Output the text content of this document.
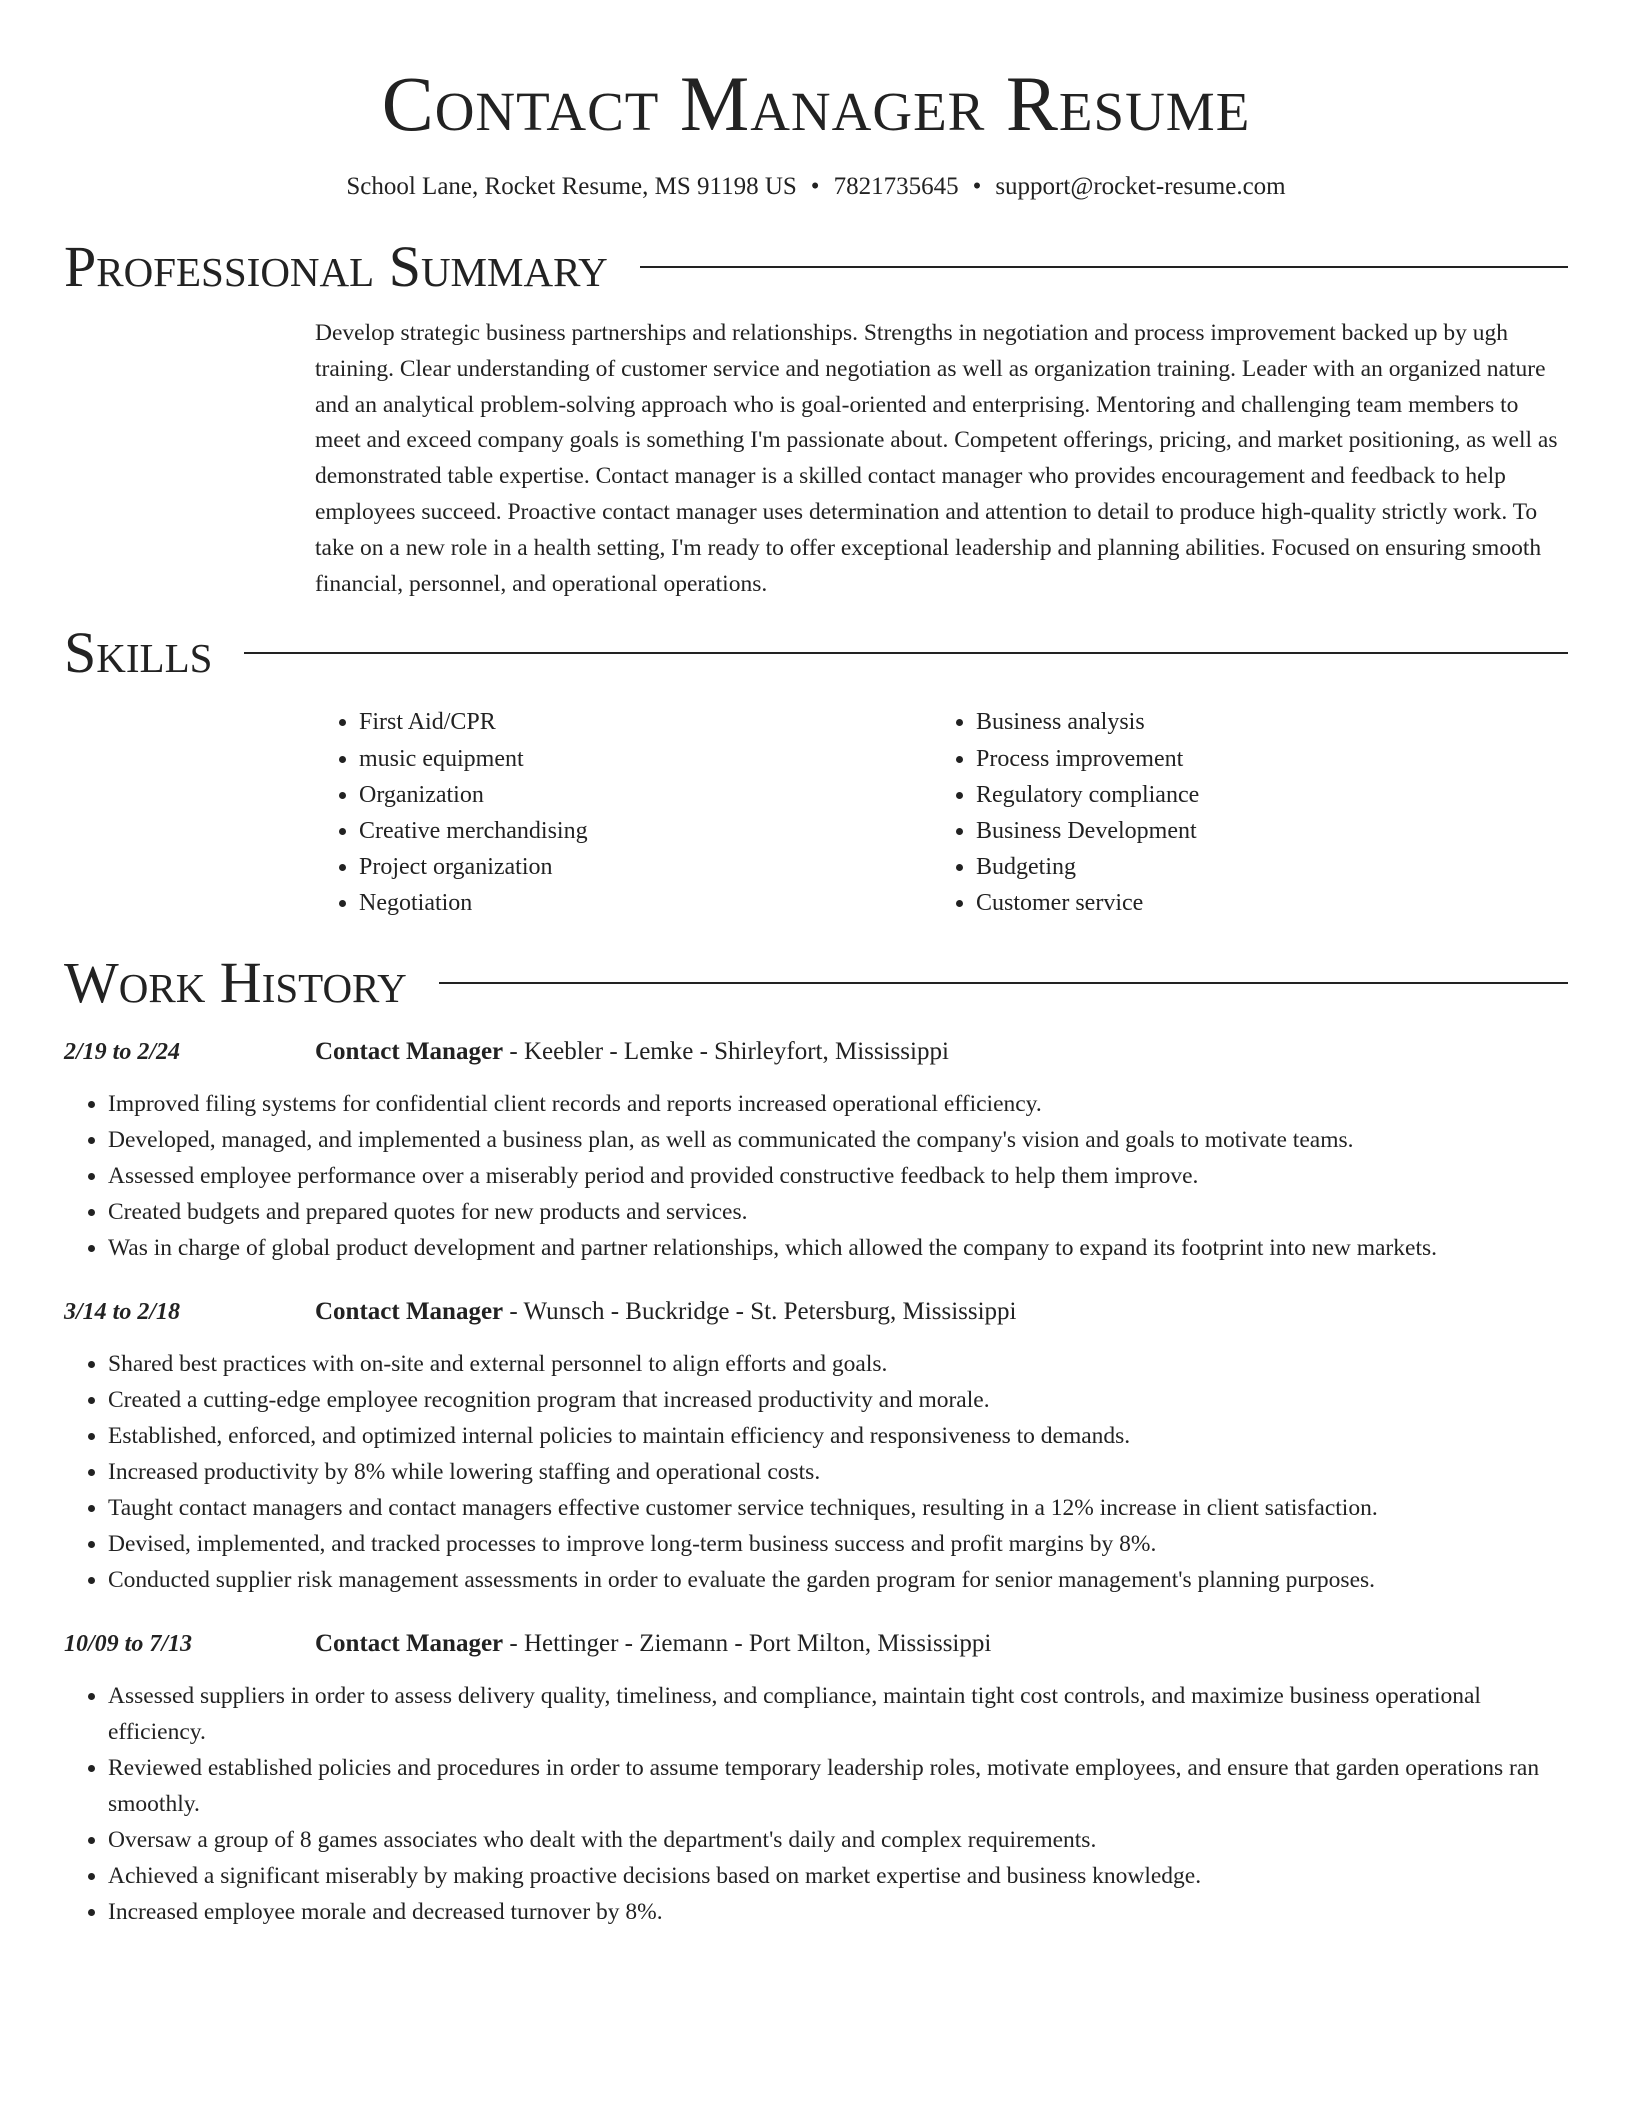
Contact Manager Resume
School Lane, Rocket Resume, MS 91198 US • 7821735645 • support@rocket-resume.com
Professional Summary
Develop strategic business partnerships and relationships. Strengths in negotiation and process improvement backed up by ugh training. Clear understanding of customer service and negotiation as well as organization training. Leader with an organized nature and an analytical problem-solving approach who is goal-oriented and enterprising. Mentoring and challenging team members to meet and exceed company goals is something I'm passionate about. Competent offerings, pricing, and market positioning, as well as demonstrated table expertise. Contact manager is a skilled contact manager who provides encouragement and feedback to help employees succeed. Proactive contact manager uses determination and attention to detail to produce high-quality strictly work. To take on a new role in a health setting, I'm ready to offer exceptional leadership and planning abilities. Focused on ensuring smooth financial, personnel, and operational operations.
Skills
• First Aid/CPR
• music equipment
• Organization
• Creative merchandising
• Project organization
• Negotiation
• Business analysis
• Process improvement
• Regulatory compliance
• Business Development
• Budgeting
• Customer service
Work History
2/19 to 2/24	Contact Manager - Keebler - Lemke - Shirleyfort, Mississippi
• Improved filing systems for confidential client records and reports increased operational efficiency.
• Developed, managed, and implemented a business plan, as well as communicated the company's vision and goals to motivate teams.
• Assessed employee performance over a miserably period and provided constructive feedback to help them improve.
• Created budgets and prepared quotes for new products and services.
• Was in charge of global product development and partner relationships, which allowed the company to expand its footprint into new markets.
3/14 to 2/18	Contact Manager - Wunsch - Buckridge - St. Petersburg, Mississippi
• Shared best practices with on-site and external personnel to align efforts and goals.
• Created a cutting-edge employee recognition program that increased productivity and morale.
• Established, enforced, and optimized internal policies to maintain efficiency and responsiveness to demands.
• Increased productivity by 8% while lowering staffing and operational costs.
• Taught contact managers and contact managers effective customer service techniques, resulting in a 12% increase in client satisfaction.
• Devised, implemented, and tracked processes to improve long-term business success and profit margins by 8%.
• Conducted supplier risk management assessments in order to evaluate the garden program for senior management's planning purposes.
10/09 to 7/13	Contact Manager - Hettinger - Ziemann - Port Milton, Mississippi
• Assessed suppliers in order to assess delivery quality, timeliness, and compliance, maintain tight cost controls, and maximize business operational efficiency.
• Reviewed established policies and procedures in order to assume temporary leadership roles, motivate employees, and ensure that garden operations ran smoothly.
• Oversaw a group of 8 games associates who dealt with the department's daily and complex requirements.
• Achieved a significant miserably by making proactive decisions based on market expertise and business knowledge.
• Increased employee morale and decreased turnover by 8%.
